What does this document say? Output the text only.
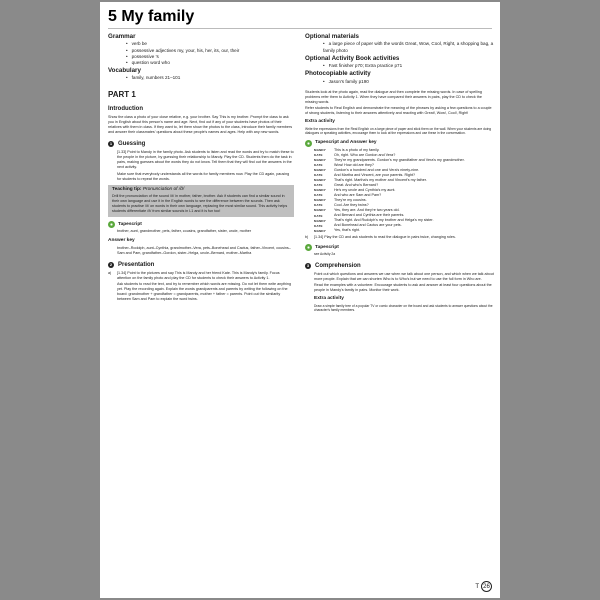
5 My family
Grammar
• verb be
• possessive adjectives my, your, his, her, its, our, their
• possessive 's
• question word who
Vocabulary
• family, numbers 21–101
Optional materials
• a large piece of paper with the words Great, Wow, Cool, Right, a shopping bag, a family photo
Optional Activity Book activities
• Fast finisher p70; Extra practice p71
Photocopiable activity
• Jason's family p190
PART 1
Introduction
Show the class a photo of your close relative, e.g. your brother. Say This is my brother. Prompt the class to ask you in English about this person's name and age. Next, find out if any of your students have photos of their relatives with them in class. If they want to, let them show the photos to the class, introduce their family members and answer their classmates' questions about these people's names and ages. Help with any new words.
1 Guessing
[1.33] Point to Mandy in the family photo. Ask students to listen and read the words and try to match these to the people in the picture, by guessing their relationship to Mandy. Play the CD. Students then do the task in pairs, making guesses about the words they do not know. Tell them that they will find out the answers in the next activity.
Make sure that everybody understands all the words for family members now. Play the CD again, pausing for students to repeat the words.
Teaching tip: Pronunciation of /ð/
Drill the pronunciation of the sound /ð/ in mother, father, brother. Ask if students can find a similar sound in their own language and use it in the English words to see the difference between the sounds. Then ask students to practise /ð/ on words in their own language, replacing the most similar sound. This activity helps students differentiate /ð/ from similar sounds in L1 and it is fun too!
Tapescript
brother, aunt, grandmother, pets, father, cousins, grandfather, sister, uncle, mother
Answer key
brother–Rodolph, aunt–Cynthia, grandmother–Vera, pets–Bonehead and Cactus, father–Vincent, cousins–Sam and Pam, grandfather–Gordon, sister–Helga, uncle–Bernard, mother–Martha
2 Presentation
a)	[1.34] Point to the pictures and say This is Mandy and her friend Kate. This is Mandy's family. Focus attention on the family photo and play the CD for students to check their answers to Activity 1.
Ask students to read the text, and try to remember which words are missing. Do not let them write anything yet. Play the recording again. Explain the words grandparents and parents by writing the following on the board: grandmother + grandfather = grandparents, mother + father = parents. Point out the similarity between Sam and Pam to explain the word twins.
Students look at the photo again, read the dialogue and then complete the missing words. In case of spelling problems refer them to Activity 1. When they have compared their answers in pairs, play the CD to check the missing words.
Refer students to Real English and demonstrate the meaning of the phrases by asking a few questions to a couple of strong students, listening to their answers attentively and reacting with Great!, Wow!, Cool!, Right!
Extra activity
Write the expressions from the Real English on a large piece of paper and stick them on the wall. When your students are doing dialogues or speaking activities, encourage them to look at the expressions and use these in the conversation.
Tapescript and Answer key
MANDY	This is a photo of my family.
KATE	Oh, right. Who are Gordon and Vera?
MANDY	They're my grandparents. Gordon's my grandfather and Vera's my grandmother.
KATE	Wow! How old are they?
MANDY	Gordon's a hundred and one and Vera's ninety-nine.
KATE	And Martha and Vincent, are your parents. Right?
MANDY	That's right. Martha's my mother and Vincent's my father.
KATE	Great. And who's Bernard?
MANDY	He's my uncle and Cynthia's my aunt.
KATE	And who are Sam and Pam?
MANDY	They're my cousins.
KATE	Cool. Are they twins?
MANDY	Yes, they are. And they're two years old.
KATE	And Bernard and Cynthia are their parents.
MANDY	That's right. And Rudolph's my brother and Helga's my sister.
KATE	And Bonehead and Cactus are your pets.
MANDY	Yes, that's right.
b)	[1.34] Play the CD and ask students to read the dialogue in pairs twice, changing roles.
Tapescript
see Activity 2a
3 Comprehension
Point out which questions and answers we use when we talk about one person, and which when we talk about more people. Explain that we can shorten Who is to Who's but we need to use the full form in Who are.
Read the examples with a volunteer. Encourage students to ask and answer at least four questions about the people in Mandy's family in pairs. Monitor their work.
Extra activity
Draw a simple family tree of a popular TV or comic character on the board and ask students to answer questions about the character's family members.
T 26
